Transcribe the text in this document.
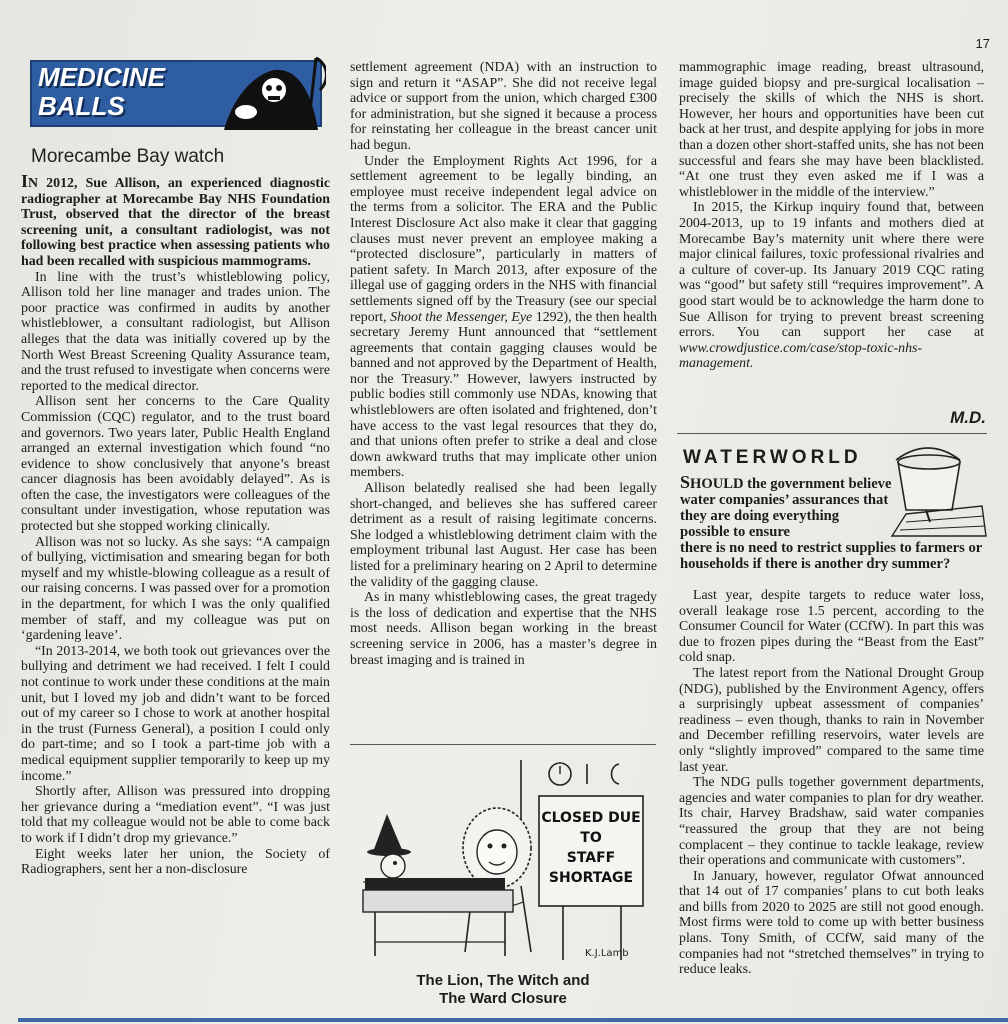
17
MEDICINE
BALLS
Morecambe Bay watch

IN 2012, Sue Allison, an experienced diagnostic radiographer at Morecambe Bay NHS Foundation Trust, observed that the director of the breast screening unit, a consultant radiologist, was not following best practice when assessing patients who had been recalled with suspicious mammograms.

In line with the trust’s whistleblowing policy, Allison told her line manager and trades union. The poor practice was confirmed in audits by another whistleblower, a consultant radiologist, but Allison alleges that the data was initially covered up by the North West Breast Screening Quality Assurance team, and the trust refused to investigate when concerns were reported to the medical director.

Allison sent her concerns to the Care Quality Commission (CQC) regulator, and to the trust board and governors. Two years later, Public Health England arranged an external investigation which found “no evidence to show conclusively that anyone’s breast cancer diagnosis has been avoidably delayed”. As is often the case, the investigators were colleagues of the consultant under investigation, whose reputation was protected but she stopped working clinically.

Allison was not so lucky. As she says: “A campaign of bullying, victimisation and smearing began for both myself and my whistle-blowing colleague as a result of our raising concerns. I was passed over for a promotion in the department, for which I was the only qualified member of staff, and my colleague was put on ‘gardening leave’.

“In 2013-2014, we both took out grievances over the bullying and detriment we had received. I felt I could not continue to work under these conditions at the main unit, but I loved my job and didn’t want to be forced out of my career so I chose to work at another hospital in the trust (Furness General), a position I could only do part-time; and so I took a part-time job with a medical equipment supplier temporarily to keep up my income.”

Shortly after, Allison was pressured into dropping her grievance during a “mediation event”. “I was just told that my colleague would not be able to come back to work if I didn’t drop my grievance.”

Eight weeks later her union, the Society of Radiographers, sent her a non-disclosure

settlement agreement (NDA) with an instruction to sign and return it “ASAP”. She did not receive legal advice or support from the union, which charged £300 for administration, but she signed it because a process for reinstating her colleague in the breast cancer unit had begun.

Under the Employment Rights Act 1996, for a settlement agreement to be legally binding, an employee must receive independent legal advice on the terms from a solicitor. The ERA and the Public Interest Disclosure Act also make it clear that gagging clauses must never prevent an employee making a “protected disclosure”, particularly in matters of patient safety. In March 2013, after exposure of the illegal use of gagging orders in the NHS with financial settlements signed off by the Treasury (see our special report, Shoot the Messenger, Eye 1292), the then health secretary Jeremy Hunt announced that “settlement agreements that contain gagging clauses would be banned and not approved by the Department of Health, nor the Treasury.” However, lawyers instructed by public bodies still commonly use NDAs, knowing that whistleblowers are often isolated and frightened, don’t have access to the vast legal resources that they do, and that unions often prefer to strike a deal and close down awkward truths that may implicate other union members.

Allison belatedly realised she had been legally short-changed, and believes she has suffered career detriment as a result of raising legitimate concerns. She lodged a whistleblowing detriment claim with the employment tribunal last August. Her case has been listed for a preliminary hearing on 2 April to determine the validity of the gagging clause.

As in many whistleblowing cases, the great tragedy is the loss of dedication and expertise that the NHS most needs. Allison began working in the breast screening service in 2006, has a master’s degree in breast imaging and is trained in

CLOSED DUE
TO
STAFF
SHORTAGE
K.J.Lamb
The Lion, The Witch and
The Ward Closure

mammographic image reading, breast ultrasound, image guided biopsy and pre-surgical localisation – precisely the skills of which the NHS is short. However, her hours and opportunities have been cut back at her trust, and despite applying for jobs in more than a dozen other short-staffed units, she has not been successful and fears she may have been blacklisted. “At one trust they even asked me if I was a whistleblower in the middle of the interview.”

In 2015, the Kirkup inquiry found that, between 2004-2013, up to 19 infants and mothers died at Morecambe Bay’s maternity unit where there were major clinical failures, toxic professional rivalries and a culture of cover-up. Its January 2019 CQC rating was “good” but safety still “requires improvement”. A good start would be to acknowledge the harm done to Sue Allison for trying to prevent breast screening errors. You can support her case at www.crowdjustice.com/case/stop-toxic-nhs-management.

M.D.
WATERWORLD
SHOULD the government believe water companies’ assurances that they are doing everything possible to ensure
there is no need to restrict supplies to farmers or households if there is another dry summer?

Last year, despite targets to reduce water loss, overall leakage rose 1.5 percent, according to the Consumer Council for Water (CCfW). In part this was due to frozen pipes during the “Beast from the East” cold snap.

The latest report from the National Drought Group (NDG), published by the Environment Agency, offers a surprisingly upbeat assessment of companies’ readiness – even though, thanks to rain in November and December refilling reservoirs, water levels are only “slightly improved” compared to the same time last year.

The NDG pulls together government departments, agencies and water companies to plan for dry weather. Its chair, Harvey Bradshaw, said water companies “reassured the group that they are not being complacent – they continue to tackle leakage, review their operations and communicate with customers”.

In January, however, regulator Ofwat announced that 14 out of 17 companies’ plans to cut both leaks and bills from 2020 to 2025 are still not good enough. Most firms were told to come up with better business plans. Tony Smith, of CCfW, said many of the companies had not “stretched themselves” in trying to reduce leaks.
